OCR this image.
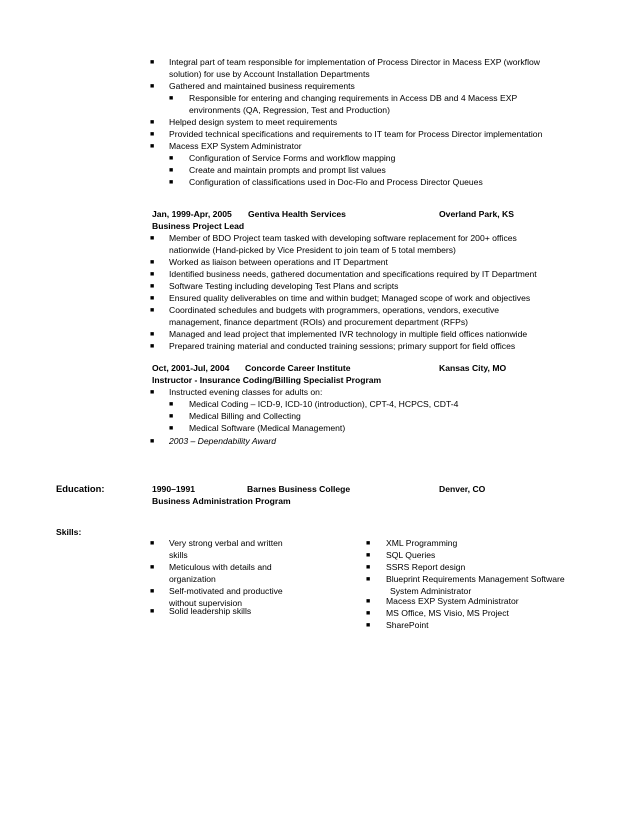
■ Integral part of team responsible for implementation of Process Director in Macess EXP (workflow
solution) for use by Account Installation Departments
■ Gathered and maintained business requirements
■ Responsible for entering and changing requirements in Access DB and 4 Macess EXP
environments (QA, Regression, Test and Production)
■ Helped design system to meet requirements
■ Provided technical specifications and requirements to IT team for Process Director implementation
■ Macess EXP System Administrator
■ Configuration of Service Forms and workflow mapping
■ Create and maintain prompts and prompt list values
■ Configuration of classifications used in Doc-Flo and Process Director Queues
Jan, 1999-Apr, 2005 Gentiva Health Services	Overland Park, KS
Business Project Lead
■ Member of BDO Project team tasked with developing software replacement for 200+ offices
nationwide (Hand-picked by Vice President to join team of 5 total members)
■ Worked as liaison between operations and IT Department
■ Identified business needs, gathered documentation and specifications required by IT Department
■ Software Testing including developing Test Plans and scripts
■ Ensured quality deliverables on time and within budget; Managed scope of work and objectives
■ Coordinated schedules and budgets with programmers, operations, vendors, executive
management, finance department (ROIs) and procurement department (RFPs)
■ Managed and lead project that implemented IVR technology in multiple field offices nationwide
■ Prepared training material and conducted training sessions; primary support for field offices
Oct, 2001-Jul, 2004 Concorde Career Institute	Kansas City, MO
Instructor - Insurance Coding/Billing Specialist Program
■ Instructed evening classes for adults on:
■ Medical Coding – ICD-9, ICD-10 (introduction), CPT-4, HCPCS, CDT-4
■ Medical Billing and Collecting
■ Medical Software (Medical Management)
■ 2003 – Dependability Award
Education:	1990–1991	Barnes Business College	Denver, CO
Business Administration Program
Skills:
■ Very strong verbal and written
skills
■ Meticulous with details and
organization
■ Self-motivated and productive
without supervision
■ Solid leadership skills
■ XML Programming
■ SQL Queries
■ SSRS Report design
■ Blueprint Requirements Management Software
System Administrator
■ Macess EXP System Administrator
■ MS Office, MS Visio, MS Project
■ SharePoint
